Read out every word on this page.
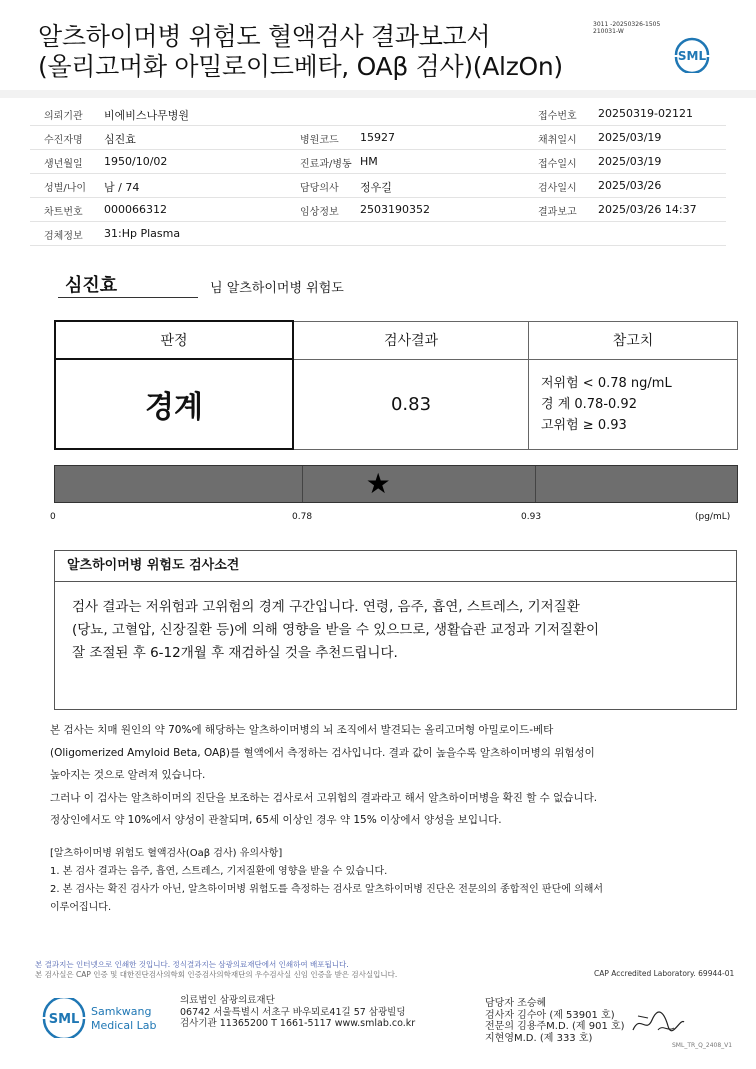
알츠하이머병 위험도 혈액검사 결과보고서
(올리고머화 아밀로이드베타, OAβ 검사)(AlzOn)
3011 -20250326-1505
210031-W
SML
의뢰기관 비에비스나무병원	접수번호 20250319-02121
수진자명 심진효	병원코드 15927	채취일시 2025/03/19
생년월일 1950/10/02	진료과/병동 HM	접수일시 2025/03/19
성별/나이 남 / 74	담당의사 정우길	검사일시 2025/03/26
차트번호 000066312	임상정보 2503190352	결과보고 2025/03/26 14:37
검체정보 31:Hp Plasma
심진효	님 알츠하이머병 위험도
판정	검사결과	참고치
경계	0.83	저위험 < 0.78 ng/mL
경 계 0.78-0.92
고위험 ≥ 0.93
★
0	0.78	0.93	(pg/mL)
알츠하이머병 위험도 검사소견
검사 결과는 저위험과 고위험의 경계 구간입니다. 연령, 음주, 흡연, 스트레스, 기저질환
(당뇨, 고혈압, 신장질환 등)에 의해 영향을 받을 수 있으므로, 생활습관 교정과 기저질환이
잘 조절된 후 6-12개월 후 재검하실 것을 추천드립니다.
본 검사는 치매 원인의 약 70%에 해당하는 알츠하이머병의 뇌 조직에서 발견되는 올리고머형 아밀로이드-베타
(Oligomerized Amyloid Beta, OAβ)를 혈액에서 측정하는 검사입니다. 결과 값이 높을수록 알츠하이머병의 위험성이
높아지는 것으로 알려져 있습니다.
그러나 이 검사는 알츠하이머의 진단을 보조하는 검사로서 고위험의 결과라고 해서 알츠하이머병을 확진 할 수 없습니다.
정상인에서도 약 10%에서 양성이 관찰되며, 65세 이상인 경우 약 15% 이상에서 양성을 보입니다.
[알츠하이머병 위험도 혈액검사(Oaβ 검사) 유의사항]
1. 본 검사 결과는 음주, 흡연, 스트레스, 기저질환에 영향을 받을 수 있습니다.
2. 본 검사는 확진 검사가 아닌, 알츠하이머병 위험도를 측정하는 검사로 알츠하이머병 진단은 전문의의 종합적인 판단에 의해서
이루어집니다.
본 결과지는 인터넷으로 인쇄한 것입니다. 정식결과지는 삼광의료재단에서 인쇄하여 배포됩니다.
본 검사실은 CAP 인증 및 대한진단검사의학회 인증검사의학재단의 우수검사실 신임 인증을 받은 검사실입니다.	CAP Accredited Laboratory. 69944-01
SML
Samkwang
Medical Lab
의료법인 삼광의료재단
06742 서울특별시 서초구 바우뫼로41길 57 삼광빌딩
검사기관 11365200 T 1661-5117 www.smlab.co.kr
담당자 조승혜
검사자 김수아 (제 53901 호)
전문의 김용주M.D. (제 901 호)
지현영M.D. (제 333 호)
SML_TR_Q_2408_V1
